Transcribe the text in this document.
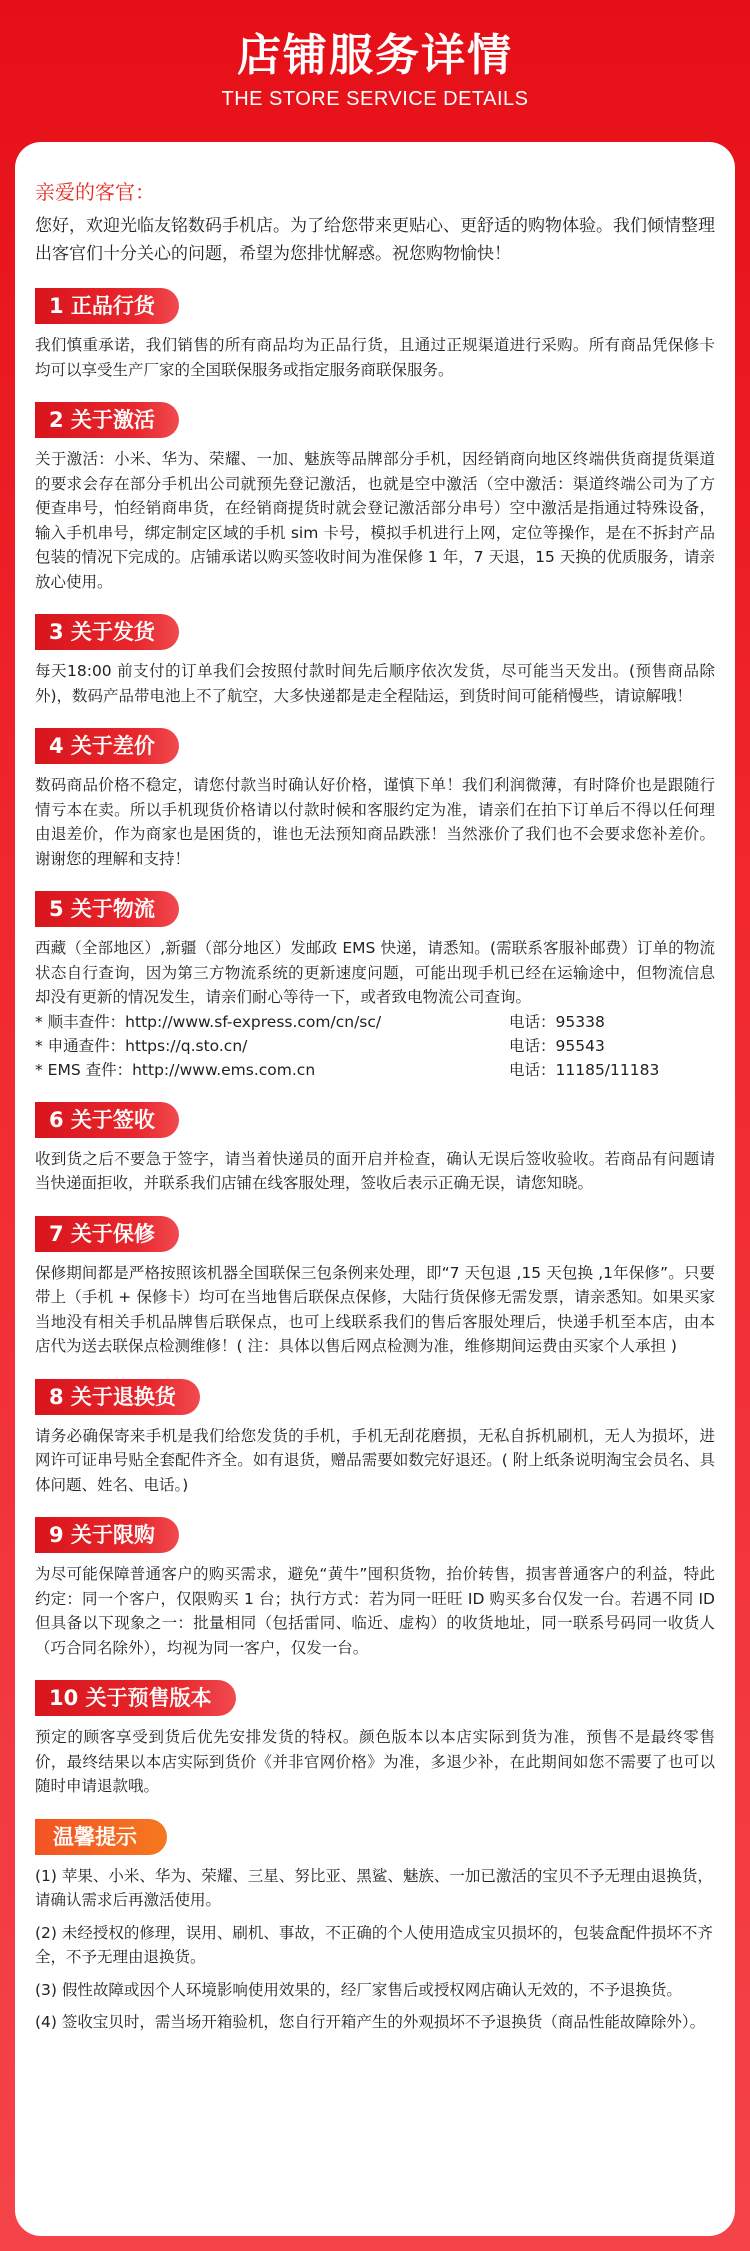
店铺服务详情
THE STORE SERVICE DETAILS
亲爱的客官：
您好，欢迎光临友铭数码手机店。为了给您带来更贴心、更舒适的购物体验。我们倾情整理出客官们十分关心的问题，希望为您排忧解惑。祝您购物愉快！
1 正品行货
我们慎重承诺，我们销售的所有商品均为正品行货，且通过正规渠道进行采购。所有商品凭保修卡均可以享受生产厂家的全国联保服务或指定服务商联保服务。
2 关于激活
关于激活：小米、华为、荣耀、一加、魅族等品牌部分手机，因经销商向地区终端供货商提货渠道的要求会存在部分手机出公司就预先登记激活，也就是空中激活（空中激活：渠道终端公司为了方便查串号，怕经销商串货，在经销商提货时就会登记激活部分串号）空中激活是指通过特殊设备，输入手机串号，绑定制定区域的手机 sim 卡号，模拟手机进行上网，定位等操作，是在不拆封产品包装的情况下完成的。店铺承诺以购买签收时间为准保修 1 年，7 天退，15 天换的优质服务，请亲放心使用。
3 关于发货
每天18:00 前支付的订单我们会按照付款时间先后顺序依次发货，尽可能当天发出。(预售商品除外)，数码产品带电池上不了航空，大多快递都是走全程陆运，到货时间可能稍慢些，请谅解哦！
4 关于差价
数码商品价格不稳定，请您付款当时确认好价格，谨慎下单！我们利润微薄，有时降价也是跟随行情亏本在卖。所以手机现货价格请以付款时候和客服约定为准，请亲们在拍下订单后不得以任何理由退差价，作为商家也是困货的，谁也无法预知商品跌涨！当然涨价了我们也不会要求您补差价。谢谢您的理解和支持！
5 关于物流
西藏（全部地区）,新疆（部分地区）发邮政 EMS 快递，请悉知。(需联系客服补邮费）订单的物流状态自行查询，因为第三方物流系统的更新速度问题，可能出现手机已经在运输途中，但物流信息却没有更新的情况发生，请亲们耐心等待一下，或者致电物流公司查询。
* 顺丰查件：http://www.sf-express.com/cn/sc/	电话：95338
* 申通查件：https://q.sto.cn/	电话：95543
* EMS 查件：http://www.ems.com.cn	电话：11185/11183
6 关于签收
收到货之后不要急于签字，请当着快递员的面开启并检查，确认无误后签收验收。若商品有问题请当快递面拒收，并联系我们店铺在线客服处理，签收后表示正确无误，请您知晓。
7 关于保修
保修期间都是严格按照该机器全国联保三包条例来处理，即“7 天包退 ,15 天包换 ,1年保修”。只要带上（手机 + 保修卡）均可在当地售后联保点保修，大陆行货保修无需发票，请亲悉知。如果买家当地没有相关手机品牌售后联保点，也可上线联系我们的售后客服处理后，快递手机至本店，由本店代为送去联保点检测维修！( 注：具体以售后网点检测为准，维修期间运费由买家个人承担 )
8 关于退换货
请务必确保寄来手机是我们给您发货的手机，手机无刮花磨损，无私自拆机刷机，无人为损坏，进网许可证串号贴全套配件齐全。如有退货，赠品需要如数完好退还。( 附上纸条说明淘宝会员名、具体问题、姓名、电话。)
9 关于限购
为尽可能保障普通客户的购买需求，避免“黄牛”囤积货物，抬价转售，损害普通客户的利益，特此约定：同一个客户，仅限购买 1 台；执行方式：若为同一旺旺 ID 购买多台仅发一台。若遇不同 ID 但具备以下现象之一：批量相同（包括雷同、临近、虚构）的收货地址，同一联系号码同一收货人（巧合同名除外），均视为同一客户，仅发一台。
10 关于预售版本
预定的顾客享受到货后优先安排发货的特权。颜色版本以本店实际到货为准，预售不是最终零售价，最终结果以本店实际到货价《并非官网价格》为准，多退少补，在此期间如您不需要了也可以随时申请退款哦。
温馨提示
(1) 苹果、小米、华为、荣耀、三星、努比亚、黑鲨、魅族、一加已激活的宝贝不予无理由退换货，请确认需求后再激活使用。
(2) 未经授权的修理，误用、刷机、事故，不正确的个人使用造成宝贝损坏的，包装盒配件损坏不齐全，不予无理由退换货。
(3) 假性故障或因个人环境影响使用效果的，经厂家售后或授权网店确认无效的，不予退换货。
(4) 签收宝贝时，需当场开箱验机，您自行开箱产生的外观损坏不予退换货（商品性能故障除外）。
